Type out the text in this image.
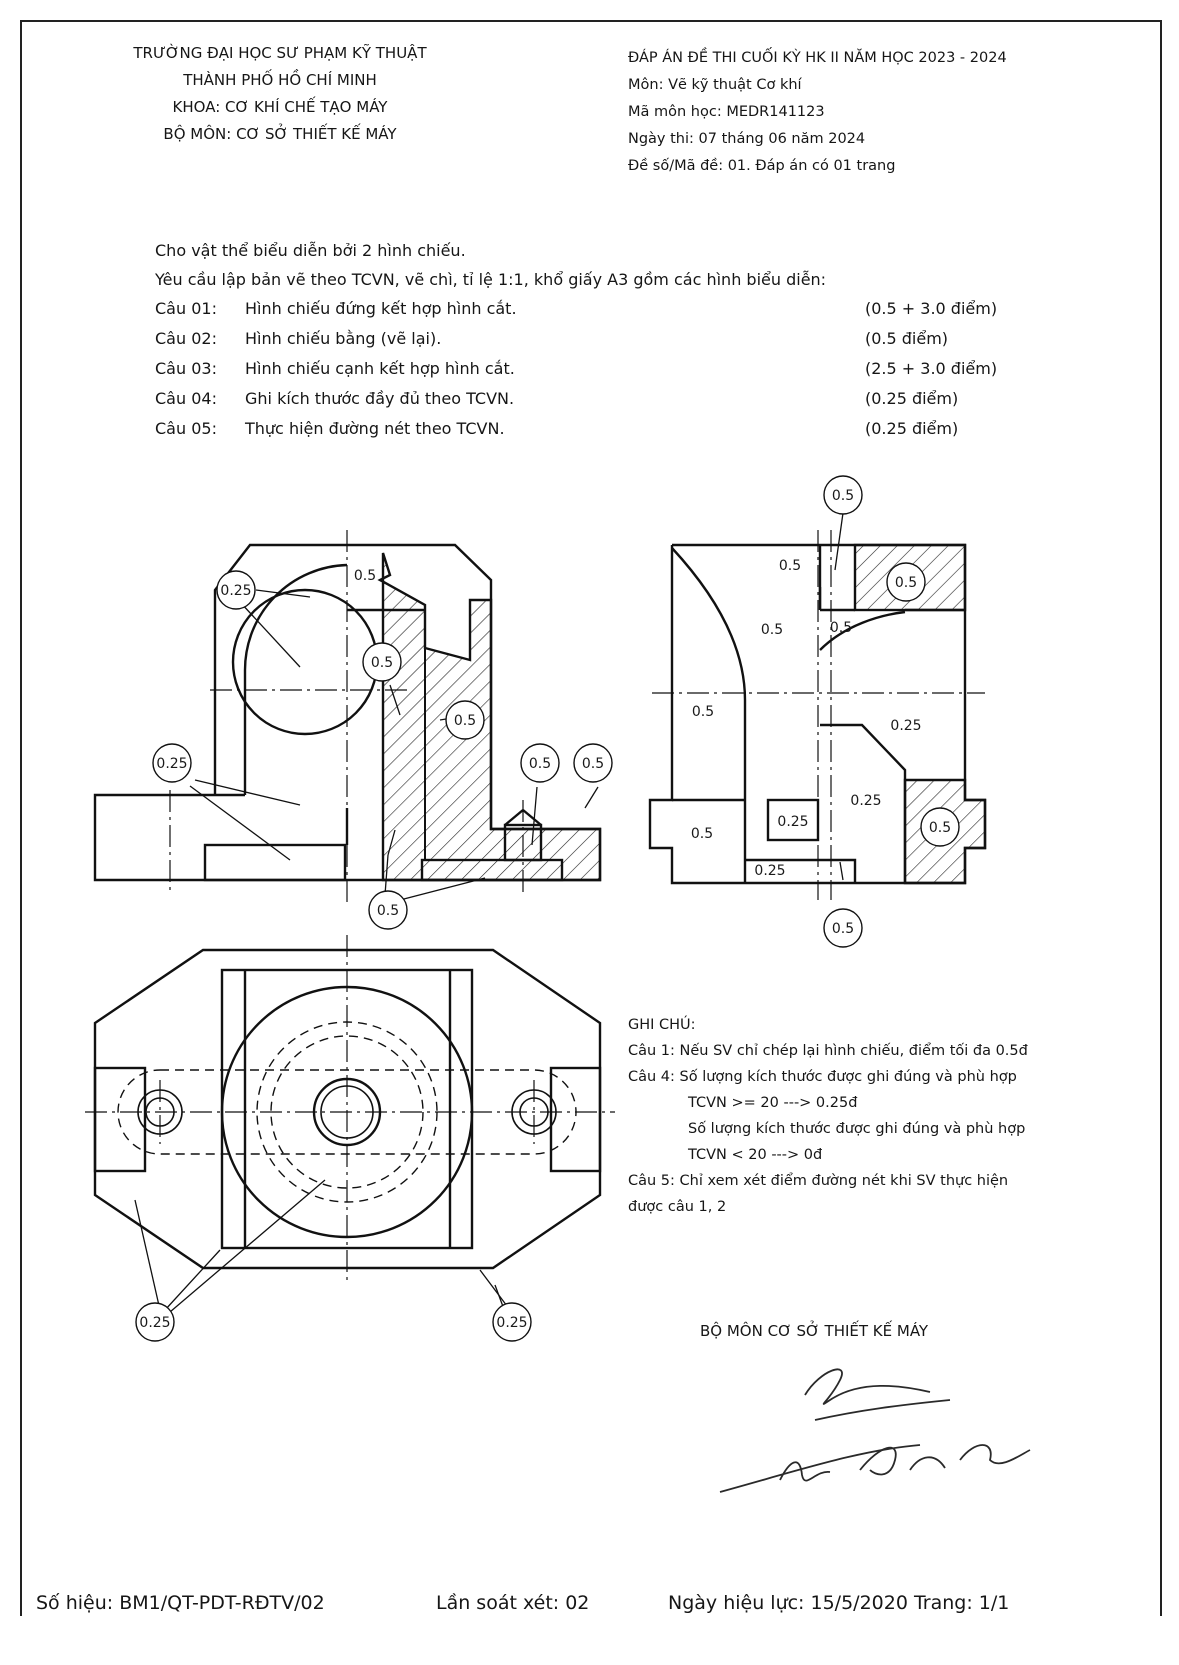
TRƯỜNG ĐẠI HỌC SƯ PHẠM KỸ THUẬT
THÀNH PHỐ HỒ CHÍ MINH
KHOA: CƠ KHÍ CHẾ TẠO MÁY
BỘ MÔN: CƠ SỞ THIẾT KẾ MÁY
ĐÁP ÁN ĐỀ THI CUỐI KỲ HK II NĂM HỌC 2023 - 2024
Môn: Vẽ kỹ thuật Cơ khí
Mã môn học: MEDR141123
Ngày thi: 07 tháng 06 năm 2024
Đề số/Mã đề: 01. Đáp án có 01 trang
Cho vật thể biểu diễn bởi 2 hình chiếu.
Yêu cầu lập bản vẽ theo TCVN, vẽ chì, tỉ lệ 1:1, khổ giấy A3 gồm các hình biểu diễn:
Câu 01:	Hình chiếu đứng kết hợp hình cắt.	(0.5 + 3.0 điểm)
Câu 02:	Hình chiếu bằng (vẽ lại).	(0.5 điểm)
Câu 03:	Hình chiếu cạnh kết hợp hình cắt.	(2.5 + 3.0 điểm)
Câu 04:	Ghi kích thước đầy đủ theo TCVN.	(0.25 điểm)
Câu 05:	Thực hiện đường nét theo TCVN.	(0.25 điểm)
0.25
0.5
0.5
0.5
0.25	0.5 0.5
0.5
0.5
0.5
0.5
0.5	0.5
0.5
0.25
0.25
0.5
0.25
0.25
0.5
0.5
0.25	0.25
GHI CHÚ:
Câu 1: Nếu SV chỉ chép lại hình chiếu, điểm tối đa 0.5đ
Câu 4: Số lượng kích thước được ghi đúng và phù hợp
TCVN >= 20 ---> 0.25đ
Số lượng kích thước được ghi đúng và phù hợp
TCVN < 20 ---> 0đ
Câu 5: Chỉ xem xét điểm đường nét khi SV thực hiện
được câu 1, 2
BỘ MÔN CƠ SỞ THIẾT KẾ MÁY
Số hiệu: BM1/QT-PDT-RĐTV/02	Lần soát xét: 02	Ngày hiệu lực: 15/5/2020 Trang: 1/1
